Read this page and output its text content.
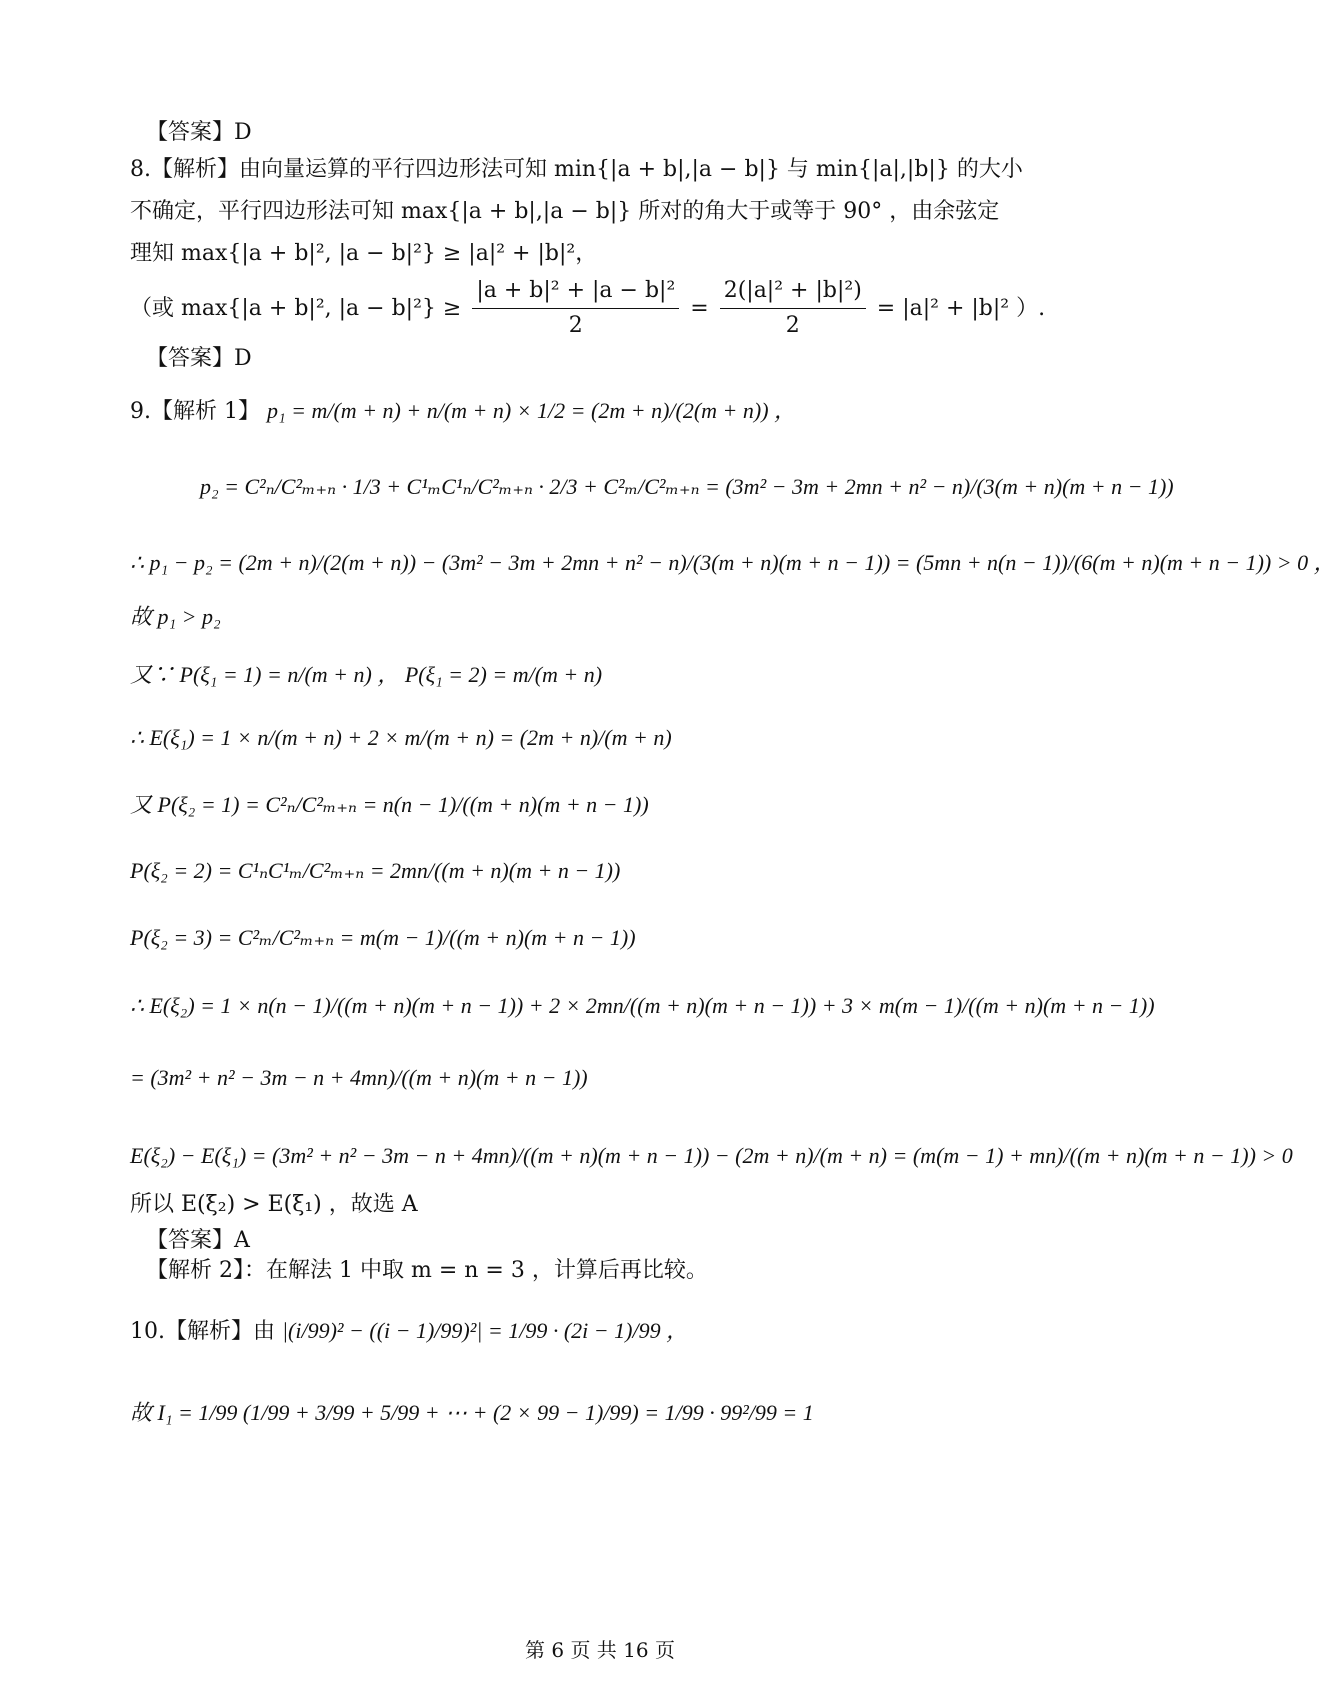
【答案】D
8.【解析】由向量运算的平行四边形法可知 min{|a + b|,|a − b|} 与 min{|a|,|b|} 的大小
不确定，平行四边形法可知 max{|a + b|,|a − b|} 所对的角大于或等于 90° ，由余弦定
理知 max{|a + b|², |a − b|²} ≥ |a|² + |b|²，
（或 max{|a + b|², $|a - b|^2\} \ge \frac{\text{|a + b|² + |a − b|²}}{2} = \frac{\text{2(|a|² + |b|²)}}{2} = |a|^2 + |b|^2$ ）.
【答案】D
9.【解析 1】 p₁ = m/(m + n) + n/(m + n) × 1/2 = (2m + n)/(2(m + n)) ，
p₂ = C²ₙ/C²ₘ₊ₙ · 1/3 + C¹ₘC¹ₙ/C²ₘ₊ₙ · 2/3 + C²ₘ/C²ₘ₊ₙ = (3m² − 3m + 2mn + n² − n)/(3(m + n)(m + n − 1))
∴ p₁ − p₂ = (2m + n)/(2(m + n)) − (3m² − 3m + 2mn + n² − n)/(3(m + n)(m + n − 1)) = (5mn + n(n − 1))/(6(m + n)(m + n − 1)) > 0 ，
故 p₁ > p₂
又∵ P(ξ₁ = 1) = n/(m + n) ， P(ξ₁ = 2) = m/(m + n)
∴ E(ξ₁) = 1 × n/(m + n) + 2 × m/(m + n) = (2m + n)/(m + n)
又 P(ξ₂ = 1) = C²ₙ/C²ₘ₊ₙ = n(n − 1)/((m + n)(m + n − 1))
P(ξ₂ = 2) = C¹ₙC¹ₘ/C²ₘ₊ₙ = 2mn/((m + n)(m + n − 1))
P(ξ₂ = 3) = C²ₘ/C²ₘ₊ₙ = m(m − 1)/((m + n)(m + n − 1))
∴ E(ξ₂) = 1 × n(n − 1)/((m + n)(m + n − 1)) + 2 × 2mn/((m + n)(m + n − 1)) + 3 × m(m − 1)/((m + n)(m + n − 1))
= (3m² + n² − 3m − n + 4mn)/((m + n)(m + n − 1))
E(ξ₂) − E(ξ₁) = (3m² + n² − 3m − n + 4mn)/((m + n)(m + n − 1)) − (2m + n)/(m + n) = (m(m − 1) + mn)/((m + n)(m + n − 1)) > 0
所以 E(ξ₂) > E(ξ₁) ，故选 A
【答案】A
【解析 2】：在解法 1 中取 m = n = 3 ，计算后再比较。
10.【解析】由 |(i/99)² − ((i − 1)/99)²| = 1/99 · (2i − 1)/99 ，
故 I₁ = 1/99 (1/99 + 3/99 + 5/99 + ⋯ + (2 × 99 − 1)/99) = 1/99 · 99²/99 = 1
第 6 页 共 16 页
